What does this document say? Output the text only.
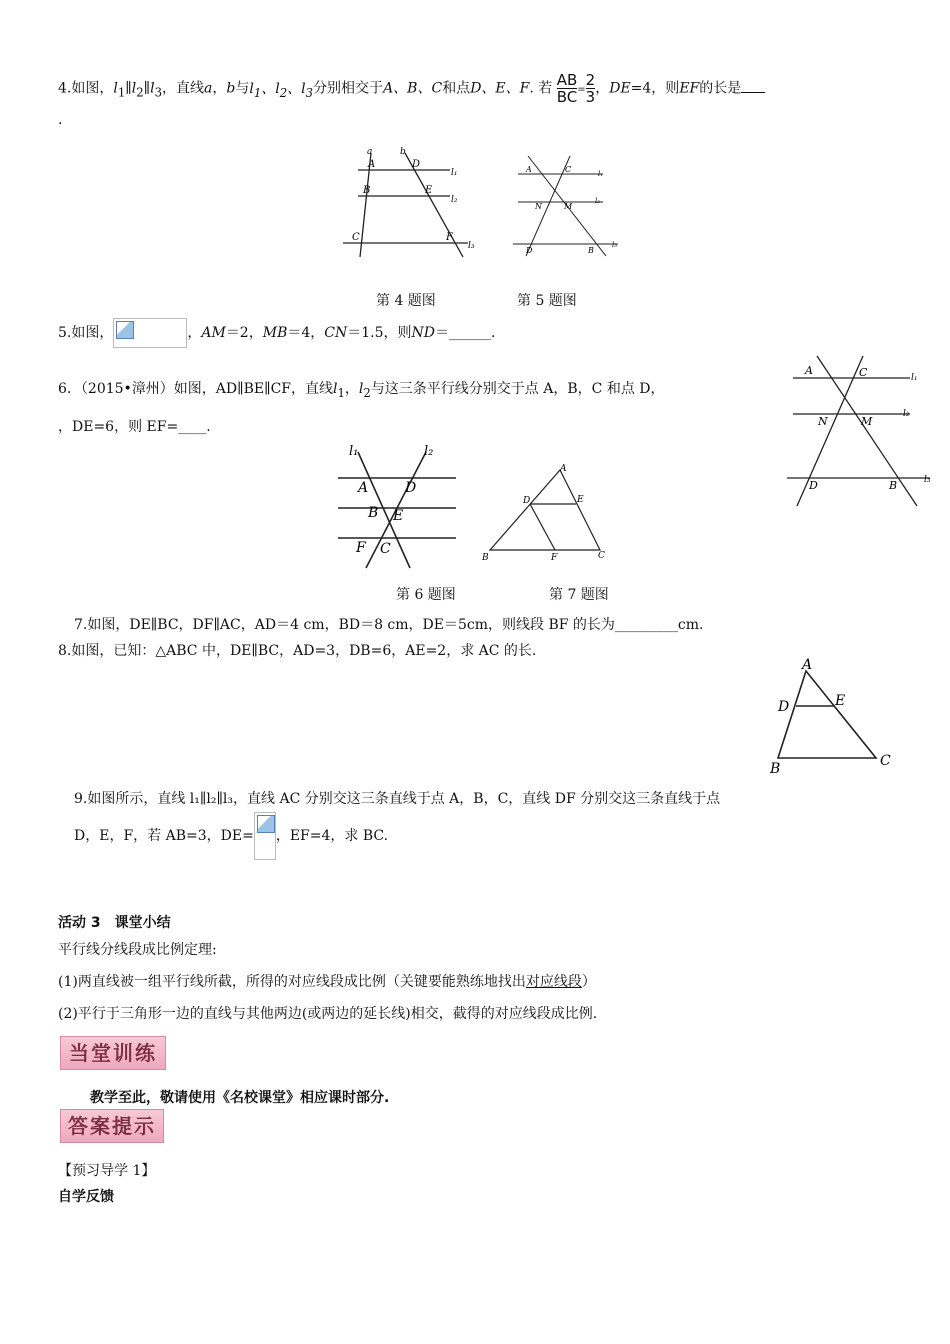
4.如图，$l_1\parallel l_2\parallel l_3$，直线a，b与$l_1$、$l_2$、$l_3$分别相交于A、B、C和点D、E、F. 若 $\frac{AB}{BC} = \frac{2}{3}$ ，DE=4，则EF的长是
.
a	b
A	D
l₁
B	E
l₂
C	F
l₃
A	C	l₁
N	M
l₂
D	B
l₃
第 4 题图	第 5 题图
5.如图，	，AM＝2，MB＝4，CN＝1.5，则ND＝______.
A	C	l₁
N	M
l₂
D	B	l₃
6．（2015•漳州）如图，AD∥BE∥CF，直线$l_1$，$l_2$与这三条平行线分别交于点 A，B，C 和点 D，
，DE=6，则 EF=____.
l₁	l₂
A	D
B E
F C
A
D	E
B	F	C
第 6 题图	第 7 题图
7.如图，DE∥BC，DF∥AC，AD＝4 cm，BD＝8 cm，DE＝5cm，则线段 BF 的长为_________cm.
8.如图，已知：△ABC 中，DE∥BC，AD=3，DB=6，AE=2，求 AC 的长.
A
D	E
B	C
9.如图所示，直线 l₁∥l₂∥l₃，直线 AC 分别交这三条直线于点 A，B，C，直线 DF 分别交这三条直线于点
D，E，F，若 AB=3，DE= ，EF=4，求 BC.
活动 3　课堂小结
平行线分线段成比例定理:
(1)两直线被一组平行线所截，所得的对应线段成比例（关键要能熟练地找出对应线段）
(2)平行于三角形一边的直线与其他两边(或两边的延长线)相交，截得的对应线段成比例.
当堂训练
教学至此，敬请使用《名校课堂》相应课时部分.
答案提示
【预习导学 1】
自学反馈
